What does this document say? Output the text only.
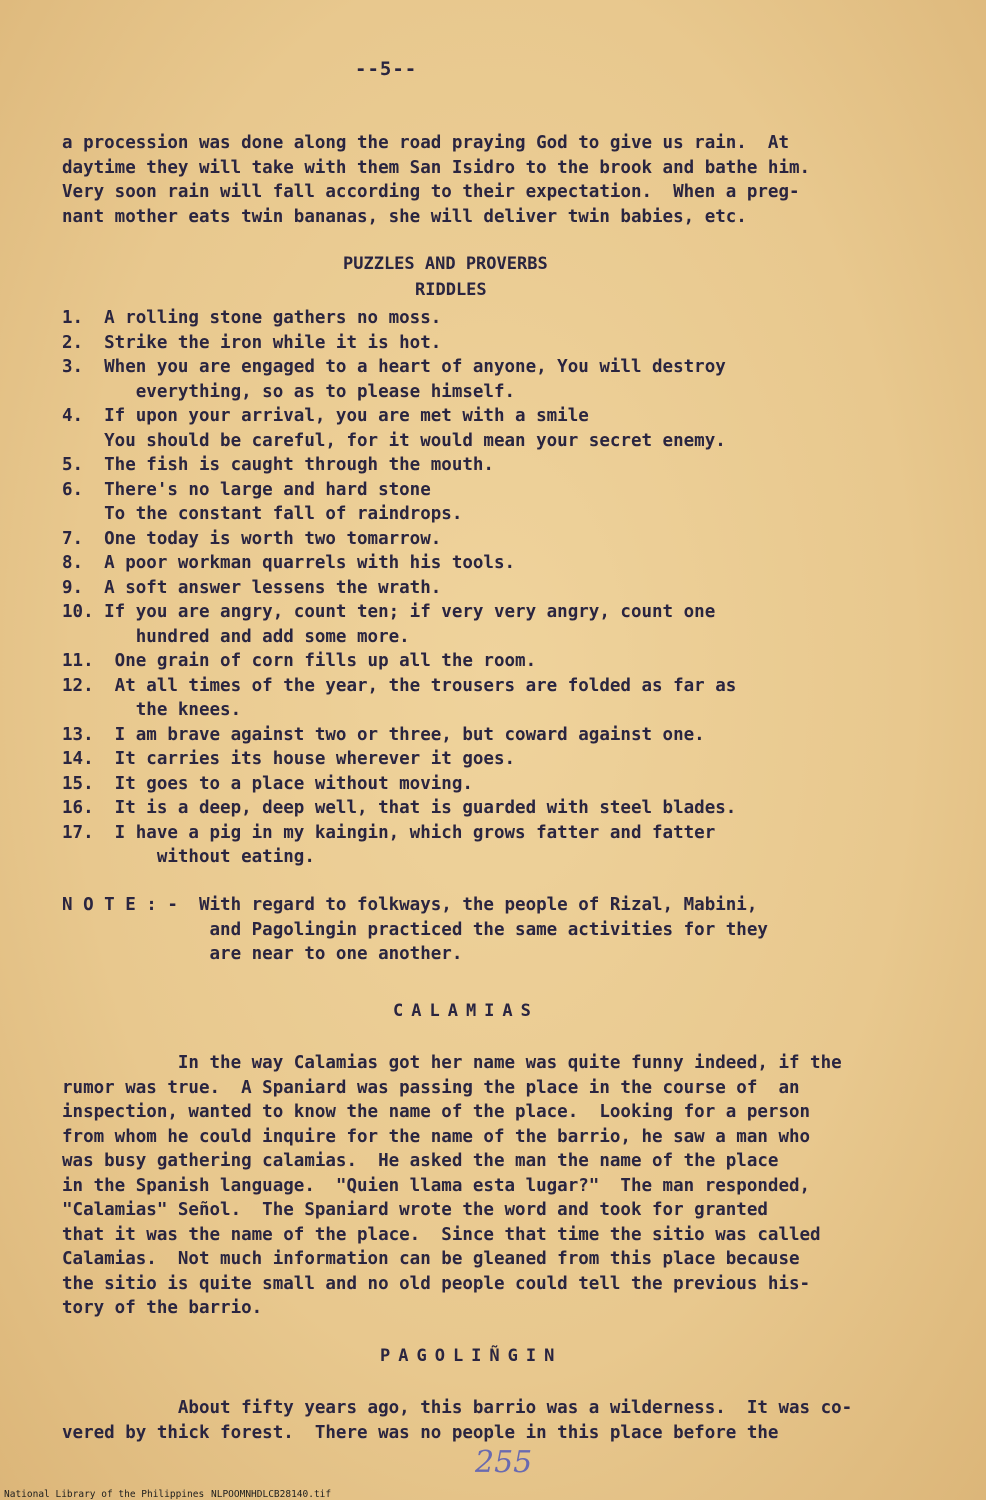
--5--
a procession was done along the road praying God to give us rain.  At
daytime they will take with them San Isidro to the brook and bathe him.
Very soon rain will fall according to their expectation.  When a preg-
nant mother eats twin bananas, she will deliver twin babies, etc.
PUZZLES AND PROVERBS
RIDDLES
1.  A rolling stone gathers no moss.
2.  Strike the iron while it is hot.
3.  When you are engaged to a heart of anyone, You will destroy
everything, so as to please himself.
4.  If upon your arrival, you are met with a smile
You should be careful, for it would mean your secret enemy.
5.  The fish is caught through the mouth.
6.  There's no large and hard stone
To the constant fall of raindrops.
7.  One today is worth two tomarrow.
8.  A poor workman quarrels with his tools.
9.  A soft answer lessens the wrath.
10. If you are angry, count ten; if very very angry, count one
hundred and add some more.
11.  One grain of corn fills up all the room.
12.  At all times of the year, the trousers are folded as far as
the knees.
13.  I am brave against two or three, but coward against one.
14.  It carries its house wherever it goes.
15.  It goes to a place without moving.
16.  It is a deep, deep well, that is guarded with steel blades.
17.  I have a pig in my kaingin, which grows fatter and fatter
without eating.
N O T E : -  With regard to folkways, the people of Rizal, Mabini,
and Pagolingin practiced the same activities for they
are near to one another.
CALAMIAS
In the way Calamias got her name was quite funny indeed, if the
rumor was true.  A Spaniard was passing the place in the course of  an
inspection, wanted to know the name of the place.  Looking for a person
from whom he could inquire for the name of the barrio, he saw a man who
was busy gathering calamias.  He asked the man the name of the place
in the Spanish language.  "Quien llama esta lugar?"  The man responded,
"Calamias" Señol.  The Spaniard wrote the word and took for granted
that it was the name of the place.  Since that time the sitio was called
Calamias.  Not much information can be gleaned from this place because
the sitio is quite small and no old people could tell the previous his-
tory of the barrio.
PAGOLIÑGIN
About fifty years ago, this barrio was a wilderness.  It was co-
vered by thick forest.  There was no people in this place before the
255
National Library of the Philippines NLPOOMNHDLCB28140.tif
